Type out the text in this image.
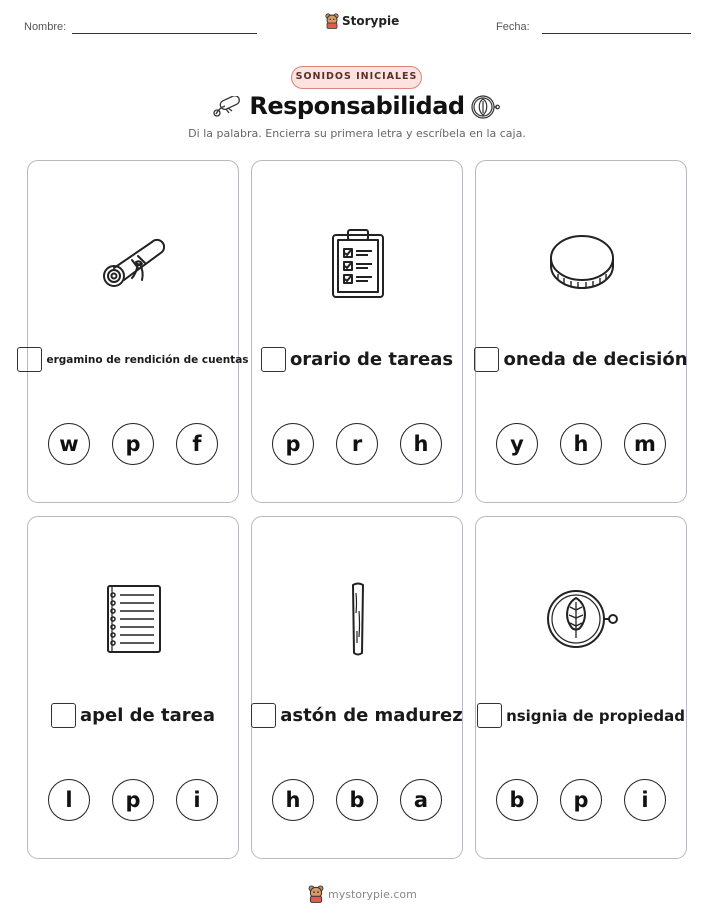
Nombre:	Storypie	Fecha:
SONIDOS INICIALES
Responsabilidad
Di la palabra. Encierra su primera letra y escríbela en la caja.
ergamino de rendición de cuentas
w	p	f
orario de tareas
p	r	h
oneda de decisión
y	h	m
apel de tarea
l	p	i
astón de madurez
h	b	a
nsignia de propiedad
b	p	i
mystorypie.com
